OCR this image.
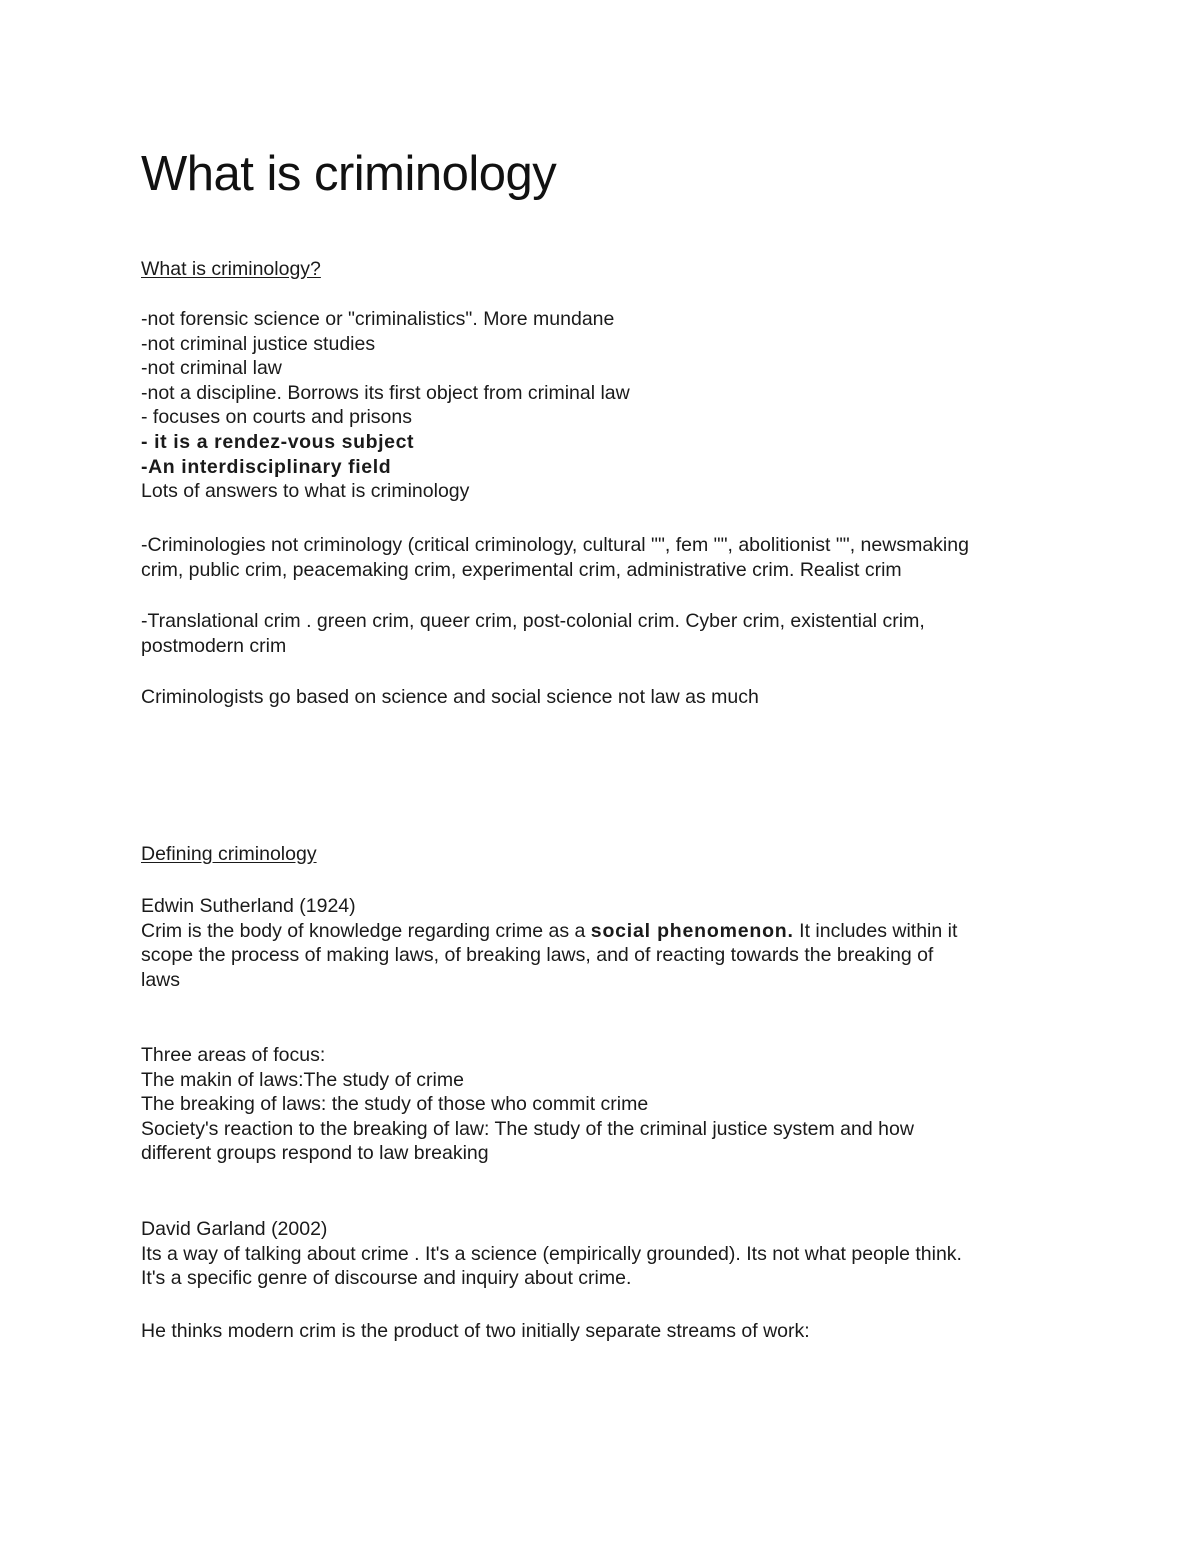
What is criminology
What is criminology?
-not forensic science or "criminalistics". More mundane
-not criminal justice studies
-not criminal law
-not a discipline. Borrows its first object from criminal law
- focuses on courts and prisons
- it is a rendez-vous subject
-An interdisciplinary field
Lots of answers to what is criminology
-Criminologies not criminology (critical criminology, cultural "", fem "", abolitionist "", newsmaking
crim, public crim, peacemaking crim, experimental crim, administrative crim. Realist crim
-Translational crim . green crim, queer crim, post-colonial crim. Cyber crim, existential crim,
postmodern crim
Criminologists go based on science and social science not law as much
Defining criminology
Edwin Sutherland (1924)
Crim is the body of knowledge regarding crime as a social phenomenon. It includes within it
scope the process of making laws, of breaking laws, and of reacting towards the breaking of
laws
Three areas of focus:
The makin of laws:The study of crime
The breaking of laws: the study of those who commit crime
Society's reaction to the breaking of law: The study of the criminal justice system and how
different groups respond to law breaking
David Garland (2002)
Its a way of talking about crime . It's a science (empirically grounded). Its not what people think.
It's a specific genre of discourse and inquiry about crime.
He thinks modern crim is the product of two initially separate streams of work:
